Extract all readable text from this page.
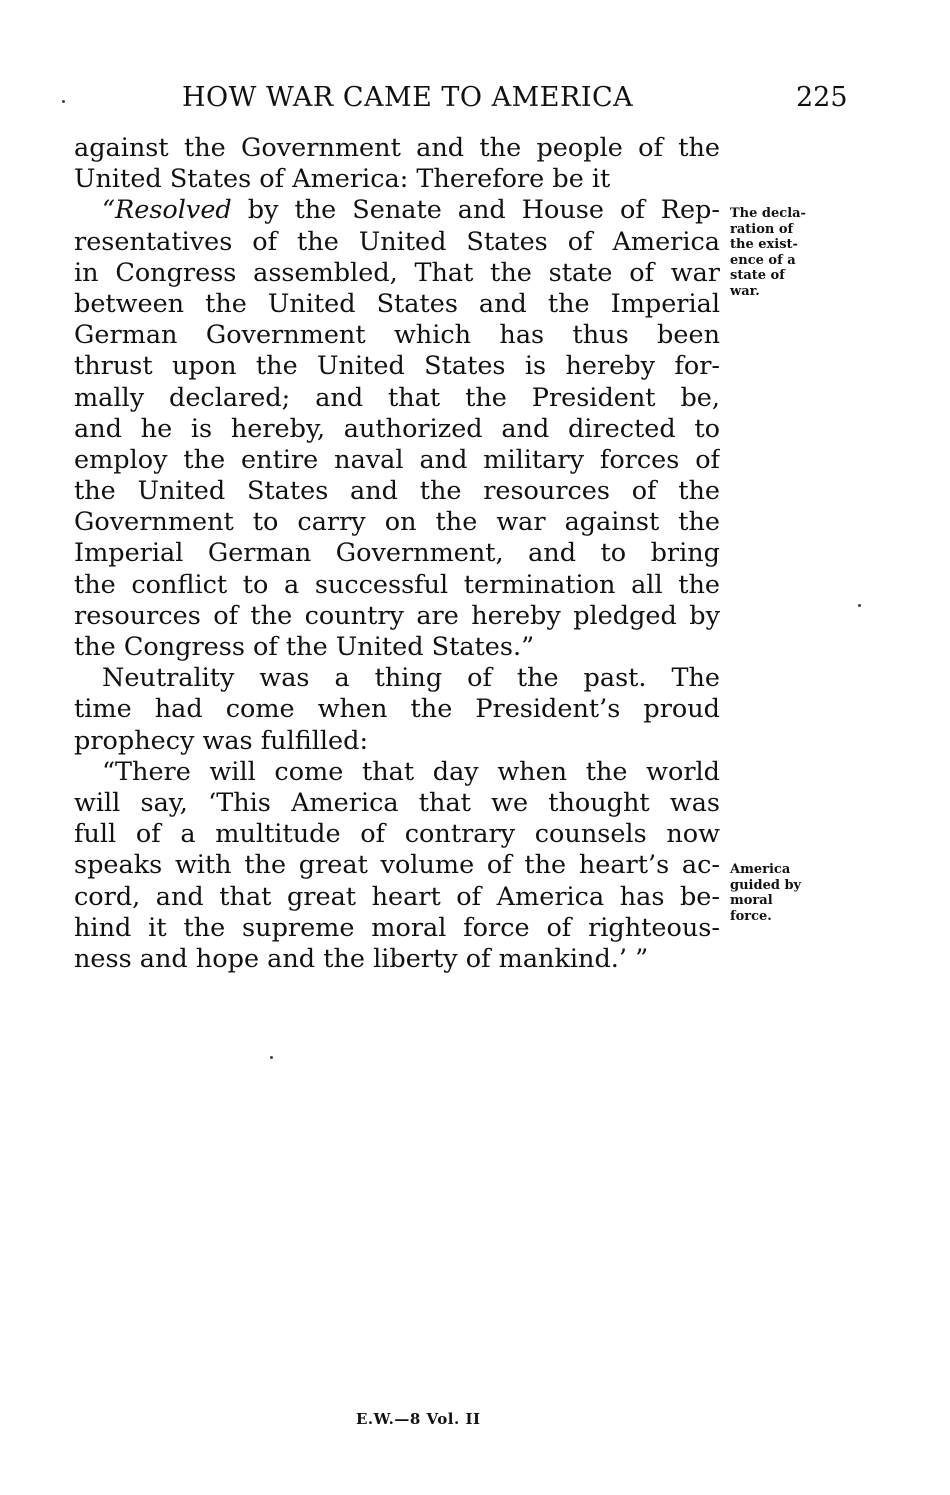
HOW WAR CAME TO AMERICA	225
against the Government and the people of the
United States of America: Therefore be it
“Resolved by the Senate and House of Rep-
resentatives of the United States of America
in Congress assembled, That the state of war
between the United States and the Imperial
German Government which has thus been
thrust upon the United States is hereby for-
mally declared; and that the President be,
and he is hereby, authorized and directed to
employ the entire naval and military forces of
the United States and the resources of the
Government to carry on the war against the
Imperial German Government, and to bring
the conflict to a successful termination all the
resources of the country are hereby pledged by
the Congress of the United States.”
Neutrality was a thing of the past. The
time had come when the President’s proud
prophecy was fulfilled:
“There will come that day when the world
will say, ‘This America that we thought was
full of a multitude of contrary counsels now
speaks with the great volume of the heart’s ac-
cord, and that great heart of America has be-
hind it the supreme moral force of righteous-
ness and hope and the liberty of mankind.’ ”
The decla-
ration of
the exist-
ence of a
state of
war.
America
guided by
moral
force.
E.W.—8 Vol. II
